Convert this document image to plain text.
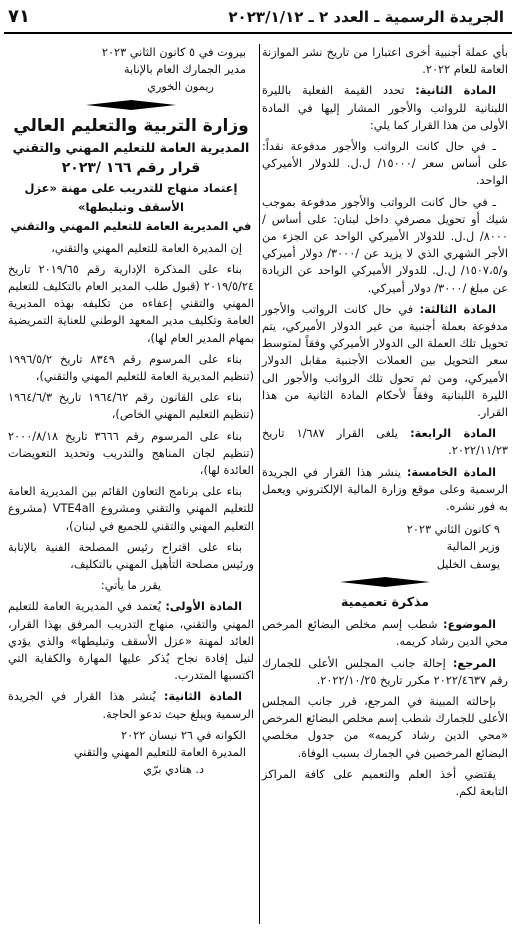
الجريدة الرسمية ـ العدد ٢ ـ ٢٠٢٣/١/١٢
٧١

بأي عملة أجنبية أخرى اعتبارا من تاريخ نشر الموازنة العامة للعام ٢٠٢٢.

المادة الثانية: تحدد القيمة الفعلية بالليرة اللبنانية للرواتب والأجور المشار إليها في المادة الأولى من هذا القرار كما يلي:

ـ في حال كانت الرواتب والأجور مدفوعة نقداً: على أساس سعر /١٥٠٠٠/ ل.ل. للدولار الأميركي الواحد.

ـ في حال كانت الرواتب والأجور مدفوعة بموجب شيك أو تحويل مصرفي داخل لبنان: على أساس /٨٠٠٠/ ل.ل. للدولار الأميركي الواحد عن الجزء من الأجر الشهري الذي لا يزيد عن /٣٠٠٠/ دولار أميركي و/١٥٠٧،٥/ ل.ل. للدولار الأميركي الواحد عن الزيادة عن مبلغ /٣٠٠٠/ دولار أميركي.

المادة الثالثة: في حال كانت الرواتب والأجور مدفوعة بعملة أجنبية من غير الدولار الأميركي، يتم تحويل تلك العملة الى الدولار الأميركي وفقاً لمتوسط سعر التحويل بين العملات الأجنبية مقابل الدولار الأميركي، ومن ثم تحول تلك الرواتب والأجور الى الليرة اللبنانية وفقاً لأحكام المادة الثانية من هذا القرار.

المادة الرابعة: يلغى القرار ١/٦٨٧ تاريخ ٢٠٢٢/١١/٢٣.

المادة الخامسة: ينشر هذا القرار في الجريدة الرسمية وعلى موقع وزارة المالية الإلكتروني ويعمل به فور نشره.

٩ كانون الثاني ٢٠٢٣

وزير المالية

يوسف الخليل

مذكرة تعميمية

الموضوع: شطب إسم مخلص البضائع المرخص محي الدين رشاد كريمه.

المرجع: إحالة جانب المجلس الأعلى للجمارك رقم ٢٠٢٢/٤٦٣٧ مكرر تاريخ ٢٠٢٢/١٠/٢٥.

بإحالته المبينة في المرجع، قرر جانب المجلس الأعلى للجمارك شطب إسم مخلص البضائع المرخص «محي الدين رشاد كريمه» من جدول مخلصي البضائع المرخصين في الجمارك بسبب الوفاة.

يقتضي أخذ العلم والتعميم على كافة المراكز التابعة لكم.

بيروت في ٥ كانون الثاني ٢٠٢٣

مدير الجمارك العام بالإنابة

ريمون الخوري

وزارة التربية والتعليم العالي
المديرية العامة للتعليم المهني والتقني
قرار رقم ١٦٦ /٢٠٢٣
إعتماد منهاج للتدريب على مهنة «عزل الأسقف وتبليطها»
في المديرية العامة للتعليم المهني والتقني

إن المديرة العامة للتعليم المهني والتقني،

بناء على المذكرة الإدارية رقم ٢٠١٩/٦٥ تاريخ ٢٠١٩/٥/٢٤ (قبول طلب المدير العام بالتكليف للتعليم المهني والتقني إعفاءه من تكليفه بهذه المديرية العامة وتكليف مدير المعهد الوطني للعناية التمريضية بمهام المدير العام لها)،

بناء على المرسوم رقم ٨٣٤٩ تاريخ ١٩٩٦/٥/٢ (تنظيم المديرية العامة للتعليم المهني والتقني)،

بناء على القانون رقم ١٩٦٤/٦٢ تاريخ ١٩٦٤/٦/٣ (تنظيم التعليم المهني الخاص)،

بناء على المرسوم رقم ٣٦٦٦ تاريخ ٢٠٠٠/٨/١٨ (تنظيم لجان المناهج والتدريب وتحديد التعويضات العائدة لها)،

بناء على برنامج التعاون القائم بين المديرية العامة للتعليم المهني والتقني ومشروع VTE4all (مشروع التعليم المهني والتقني للجميع في لبنان)،

بناء على اقتراح رئيس المصلحة الفنية بالإنابة ورئيس مصلحة التأهيل المهني بالتكليف،

يقرر ما يأتي:

المادة الأولى: يُعتمد في المديرية العامة للتعليم المهني والتقني، منهاج التدريب المرفق بهذا القرار، العائد لمهنة «عزل الأسقف وتبليطها» والذي يؤدي لنيل إفادة نجاح يُذكر عليها المهارة والكفاية التي اكتسبها المتدرب.

المادة الثانية: يُنشر هذا القرار في الجريدة الرسمية ويبلغ حيث تدعو الحاجة.

الكوانه في ٢٦ نيسان ٢٠٢٢

المديرة العامة للتعليم المهني والتقني

د. هنادي برّي
